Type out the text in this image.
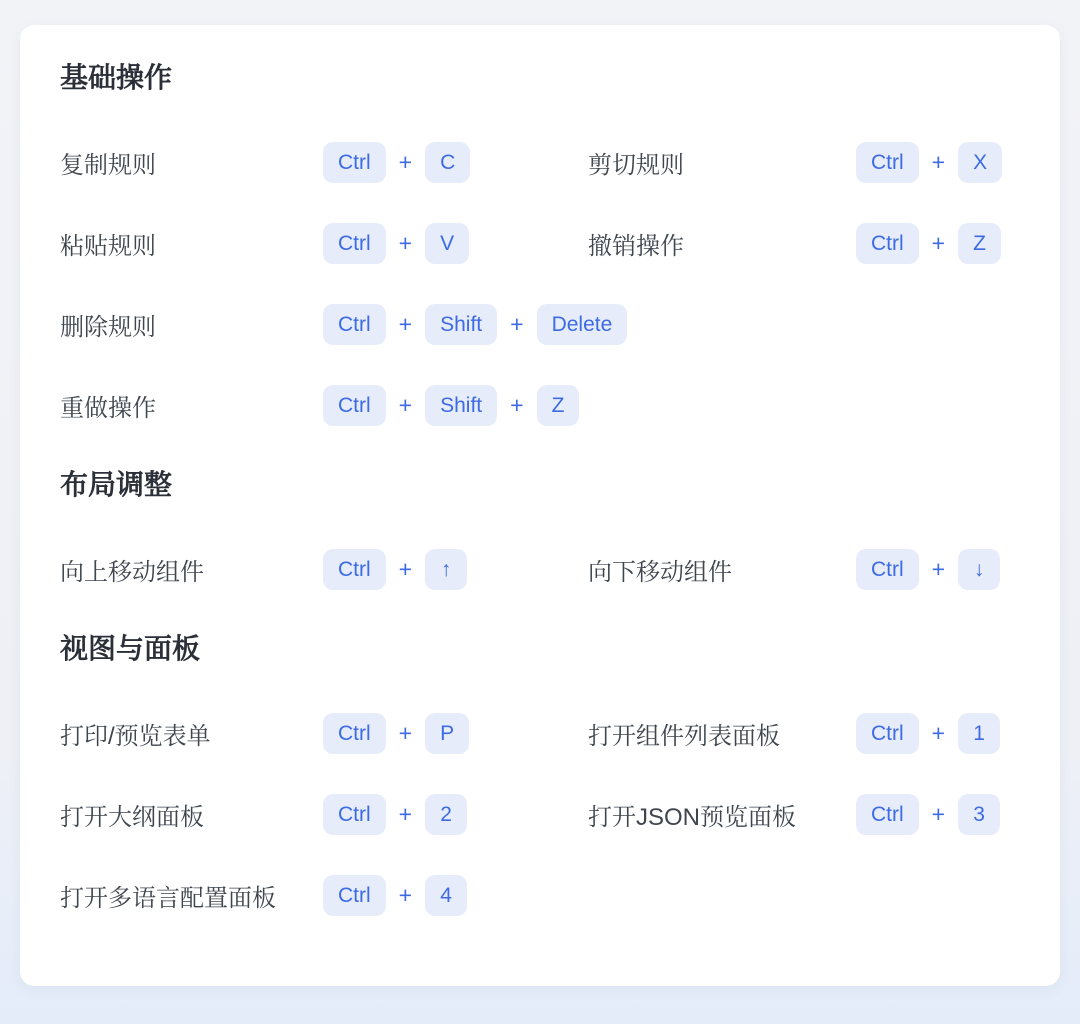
基础操作
复制规则	Ctrl	+	C	剪切规则	Ctrl	+	X
粘贴规则	Ctrl	+	V	撤销操作	Ctrl	+	Z
删除规则	Ctrl	+	Shift	+	Delete
重做操作	Ctrl	+	Shift	+	Z
布局调整
向上移动组件	Ctrl	+	↑	向下移动组件	Ctrl	+	↓
视图与面板
打印/预览表单	Ctrl	+	P	打开组件列表面板	Ctrl	+	1
打开大纲面板	Ctrl	+	2	打开JSON预览面板	Ctrl	+	3
打开多语言配置面板	Ctrl	+	4
